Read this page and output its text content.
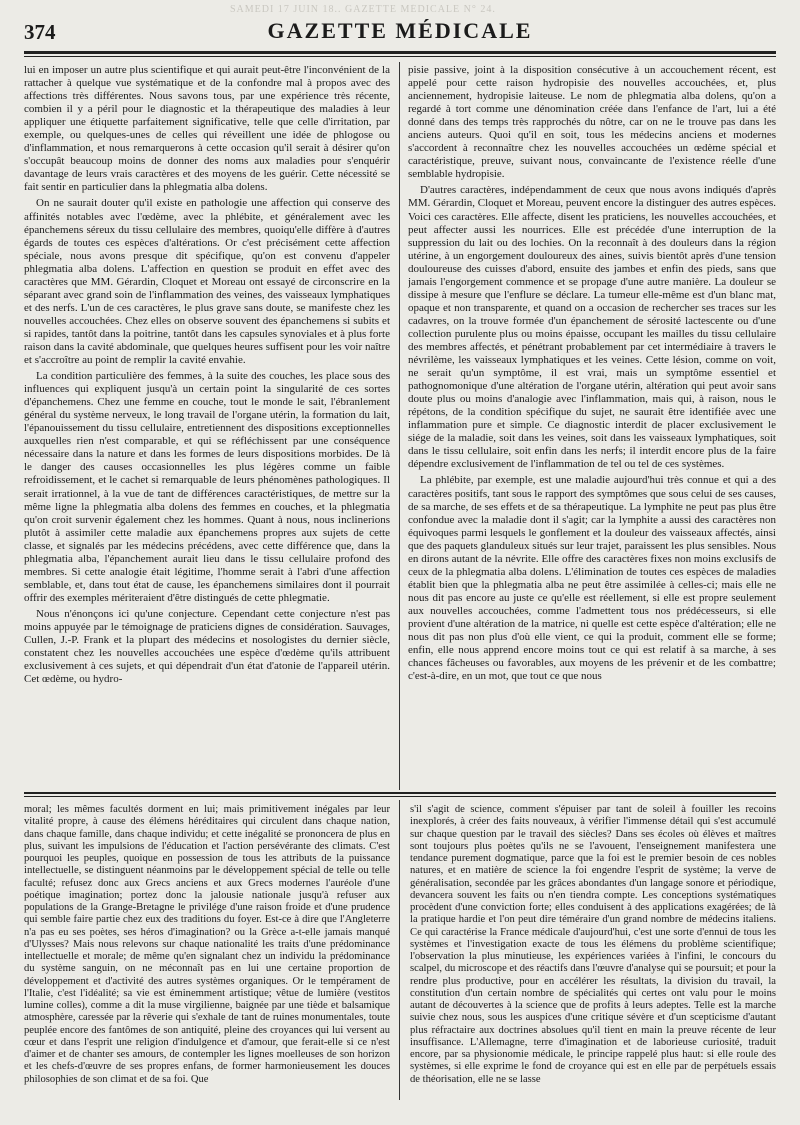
SAMEDI 17 JUIN 18.. GAZETTE MÉDICALE N° 24.
374	GAZETTE MÉDICALE

lui en imposer un autre plus scientifique et qui aurait peut-être l'inconvénient de la rattacher à quelque vue systématique et de la confondre mal à propos avec des affections très différentes. Nous savons tous, par une expérience très récente, combien il y a péril pour le diagnostic et la thérapeutique des maladies à leur appliquer une étiquette parfaitement significative, telle que celle d'irritation, par exemple, ou quelques-unes de celles qui réveillent une idée de phlogose ou d'inflammation, et nous remarquerons à cette occasion qu'il serait à désirer qu'on s'occupât beaucoup moins de donner des noms aux maladies pour s'enquérir davantage de leurs vrais caractères et des moyens de les guérir. Cette nécessité se fait sentir en particulier dans la phlegmatia alba dolens.

On ne saurait douter qu'il existe en pathologie une affection qui conserve des affinités notables avec l'œdème, avec la phlébite, et généralement avec les épanchemens séreux du tissu cellulaire des membres, quoiqu'elle diffère à d'autres égards de toutes ces espèces d'altérations. Or c'est précisément cette affection spéciale, nous avons presque dit spécifique, qu'on est convenu d'appeler phlegmatia alba dolens. L'affection en question se produit en effet avec des caractères que MM. Gérardin, Cloquet et Moreau ont essayé de circonscrire en la séparant avec grand soin de l'inflammation des veines, des vaisseaux lymphatiques et des nerfs. L'un de ces caractères, le plus grave sans doute, se manifeste chez les nouvelles accouchées. Chez elles on observe souvent des épanchemens si subits et si rapides, tantôt dans la poitrine, tantôt dans les capsules synoviales et à plus forte raison dans la cavité abdominale, que quelques heures suffisent pour les voir naître et s'accroître au point de remplir la cavité envahie.

La condition particulière des femmes, à la suite des couches, les place sous des influences qui expliquent jusqu'à un certain point la singularité de ces sortes d'épanchemens. Chez une femme en couche, tout le monde le sait, l'ébranlement général du système nerveux, le long travail de l'organe utérin, la formation du lait, l'épanouissement du tissu cellulaire, entretiennent des dispositions exceptionnelles auxquelles rien n'est comparable, et qui se réfléchissent par une conséquence nécessaire dans la nature et dans les formes de leurs dispositions morbides. De là le danger des causes occasionnelles les plus légères comme un faible refroidissement, et le cachet si remarquable de leurs phénomènes pathologiques. Il serait irrationnel, à la vue de tant de différences caractéristiques, de mettre sur la même ligne la phlegmatia alba dolens des femmes en couches, et la phlegmatia qu'on croit survenir également chez les hommes. Quant à nous, nous inclinerions plutôt à assimiler cette maladie aux épanchemens propres aux sujets de cette classe, et signalés par les médecins précédens, avec cette différence que, dans la phlegmatia alba, l'épanchement aurait lieu dans le tissu cellulaire profond des membres. Si cette analogie était légitime, l'homme serait à l'abri d'une affection semblable, et, dans tout état de cause, les épanchemens similaires dont il pourrait offrir des exemples mériteraient d'être distingués de cette phlegmatie.

Nous n'énonçons ici qu'une conjecture. Cependant cette conjecture n'est pas moins appuyée par le témoignage de praticiens dignes de considération. Sauvages, Cullen, J.-P. Frank et la plupart des médecins et nosologistes du dernier siècle, constatent chez les nouvelles accouchées une espèce d'œdème qu'ils attribuent exclusivement à ces sujets, et qui dépendrait d'un état d'atonie de l'appareil utérin. Cet œdème, ou hydro-

pisie passive, joint à la disposition consécutive à un accouchement récent, est appelé pour cette raison hydropisie des nouvelles accouchées, et, plus anciennement, hydropisie laiteuse. Le nom de phlegmatia alba dolens, qu'on a regardé à tort comme une dénomination créée dans l'enfance de l'art, lui a été donné dans des temps très rapprochés du nôtre, car on ne le trouve pas dans les anciens auteurs. Quoi qu'il en soit, tous les médecins anciens et modernes s'accordent à reconnaître chez les nouvelles accouchées un œdème spécial et caractéristique, preuve, suivant nous, convaincante de l'existence réelle d'une semblable hydropisie.

D'autres caractères, indépendamment de ceux que nous avons indiqués d'après MM. Gérardin, Cloquet et Moreau, peuvent encore la distinguer des autres espèces. Voici ces caractères. Elle affecte, disent les praticiens, les nouvelles accouchées, et peut affecter aussi les nourrices. Elle est précédée d'une interruption de la suppression du lait ou des lochies. On la reconnaît à des douleurs dans la région utérine, à un engorgement douloureux des aines, suivis bientôt après d'une tension douloureuse des cuisses d'abord, ensuite des jambes et enfin des pieds, sans que jamais l'engorgement commence et se propage d'une autre manière. La douleur se dissipe à mesure que l'enflure se déclare. La tumeur elle-même est d'un blanc mat, opaque et non transparente, et quand on a occasion de rechercher ses traces sur les cadavres, on la trouve formée d'un épanchement de sérosité lactescente ou d'une collection purulente plus ou moins épaisse, occupant les mailles du tissu cellulaire des membres affectés, et pénétrant probablement par cet intermédiaire à travers le névrilème, les vaisseaux lymphatiques et les veines. Cette lésion, comme on voit, ne serait qu'un symptôme, il est vrai, mais un symptôme essentiel et pathognomonique d'une altération de l'organe utérin, altération qui peut avoir sans doute plus ou moins d'analogie avec l'inflammation, mais qui, à raison, nous le répétons, de la condition spécifique du sujet, ne saurait être identifiée avec une inflammation pure et simple. Ce diagnostic interdit de placer exclusivement le siége de la maladie, soit dans les veines, soit dans les vaisseaux lymphatiques, soit dans le tissu cellulaire, soit enfin dans les nerfs; il interdit encore plus de la faire dépendre exclusivement de l'inflammation de tel ou tel de ces systèmes.

La phlébite, par exemple, est une maladie aujourd'hui très connue et qui a des caractères positifs, tant sous le rapport des symptômes que sous celui de ses causes, de sa marche, de ses effets et de sa thérapeutique. La lymphite ne peut pas plus être confondue avec la maladie dont il s'agit; car la lymphite a aussi des caractères non équivoques parmi lesquels le gonflement et la douleur des vaisseaux affectés, ainsi que des paquets glanduleux situés sur leur trajet, paraissent les plus sensibles. Nous en dirons autant de la névrite. Elle offre des caractères fixes non moins exclusifs de ceux de la phlegmatia alba dolens. L'élimination de toutes ces espèces de maladies établit bien que la phlegmatia alba ne peut être assimilée à celles-ci; mais elle ne nous dit pas encore au juste ce qu'elle est réellement, si elle est propre seulement aux nouvelles accouchées, comme l'admettent tous nos prédécesseurs, si elle provient d'une altération de la matrice, ni quelle est cette espèce d'altération; elle ne nous dit pas non plus d'où elle vient, ce qui la produit, comment elle se forme; enfin, elle nous apprend encore moins tout ce qui est relatif à sa marche, à ses chances fâcheuses ou favorables, aux moyens de les prévenir et de les combattre; c'est-à-dire, en un mot, que tout ce que nous

moral; les mêmes facultés dorment en lui; mais primitivement inégales par leur vitalité propre, à cause des élémens héréditaires qui circulent dans chaque nation, dans chaque famille, dans chaque individu; et cette inégalité se prononcera de plus en plus, suivant les impulsions de l'éducation et l'action persévérante des climats. C'est pourquoi les peuples, quoique en possession de tous les attributs de la puissance intellectuelle, se distinguent néanmoins par le développement spécial de telle ou telle faculté; refusez donc aux Grecs anciens et aux Grecs modernes l'auréole d'une poétique imagination; portez donc la jalousie nationale jusqu'à refuser aux populations de la Grange-Bretagne le privilége d'une raison froide et d'une prudence qui semble faire partie chez eux des traditions du foyer. Est-ce à dire que l'Angleterre n'a pas eu ses poètes, ses héros d'imagination? ou la Grèce a-t-elle jamais manqué d'Ulysses? Mais nous relevons sur chaque nationalité les traits d'une prédominance intellectuelle et morale; de même qu'en signalant chez un individu la prédominance du système sanguin, on ne méconnaît pas en lui une certaine proportion de développement et d'activité des autres systèmes organiques. Or le tempérament de l'Italie, c'est l'idéalité; sa vie est éminemment artistique; vêtue de lumière (vestitos lumine colles), comme a dit la muse virgilienne, baignée par une tiède et balsamique atmosphère, caressée par la rêverie qui s'exhale de tant de ruines monumentales, toute peuplée encore des fantômes de son antiquité, pleine des croyances qui lui versent au cœur et dans l'esprit une religion d'indulgence et d'amour, que ferait-elle si ce n'est d'aimer et de chanter ses amours, de contempler les lignes moelleuses de son horizon et les chefs-d'œuvre de ses propres enfans, de former harmonieusement les douces philosophies de son climat et de sa foi. Que

s'il s'agit de science, comment s'épuiser par tant de soleil à fouiller les recoins inexplorés, à créer des faits nouveaux, à vérifier l'immense détail qui s'est accumulé sur chaque question par le travail des siècles? Dans ses écoles où élèves et maîtres sont toujours plus poètes qu'ils ne se l'avouent, l'enseignement manifestera une tendance purement dogmatique, parce que la foi est le premier besoin de ces nobles natures, et en matière de science la foi engendre l'esprit de système; la verve de généralisation, secondée par les grâces abondantes d'un langage sonore et périodique, devancera souvent les faits ou n'en tiendra compte. Les conceptions systématiques procèdent d'une conviction forte; elles conduisent à des applications exagérées; de là la pratique hardie et l'on peut dire téméraire d'un grand nombre de médecins italiens. Ce qui caractérise la France médicale d'aujourd'hui, c'est une sorte d'ennui de tous les systèmes et l'investigation exacte de tous les élémens du problème scientifique; l'observation la plus minutieuse, les expériences variées à l'infini, le concours du scalpel, du microscope et des réactifs dans l'œuvre d'analyse qui se poursuit; et pour la rendre plus productive, pour en accélérer les résultats, la division du travail, la constitution d'un certain nombre de spécialités qui certes ont valu pour le moins autant de découvertes à la science que de profits à leurs adeptes. Telle est la marche suivie chez nous, sous les auspices d'une critique sévère et d'un scepticisme d'autant plus réfractaire aux doctrines absolues qu'il tient en main la preuve récente de leur insuffisance. L'Allemagne, terre d'imagination et de laborieuse curiosité, traduit encore, par sa physionomie médicale, le principe rappelé plus haut: si elle roule des systèmes, si elle exprime le fond de croyance qui est en elle par de perpétuels essais de théorisation, elle ne se lasse
